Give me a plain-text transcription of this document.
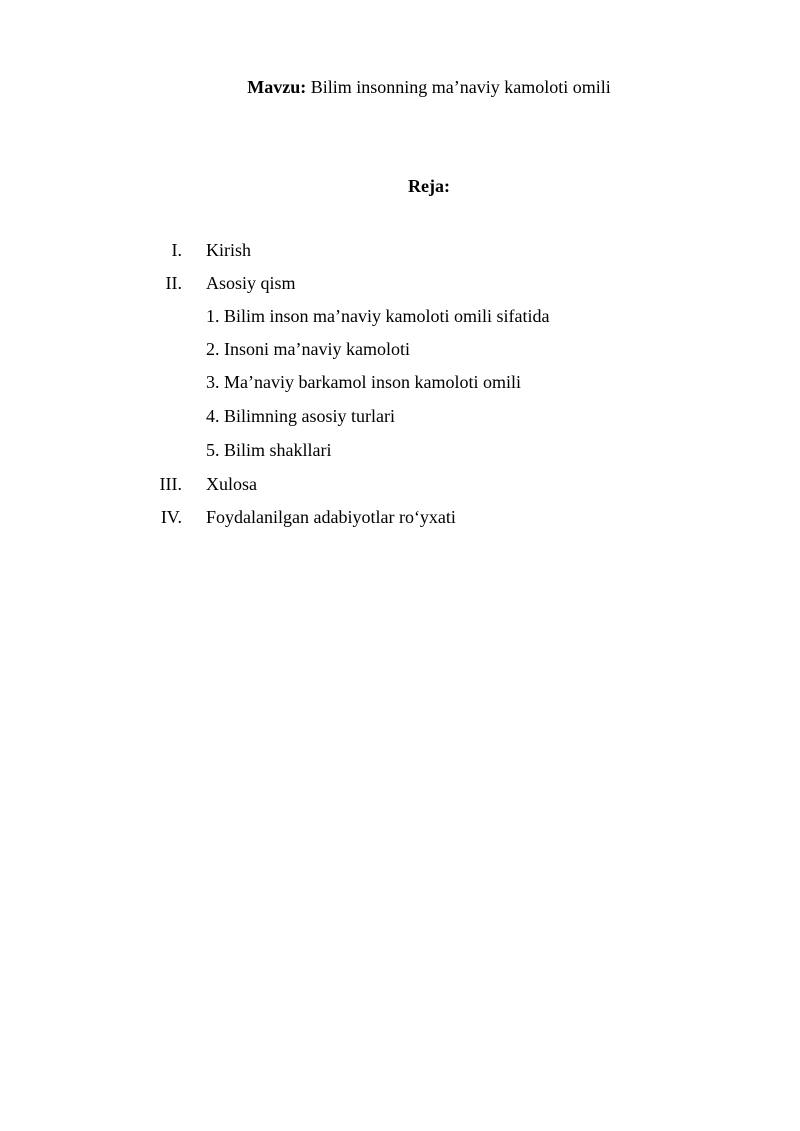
Mavzu: Bilim insonning ma’naviy kamoloti omili
Reja:
I. Kirish
II. Asosiy qism
1. Bilim inson ma’naviy kamoloti omili sifatida
2. Insoni ma’naviy kamoloti
3. Ma’naviy barkamol inson kamoloti omili
4. Bilimning asosiy turlari
5. Bilim shakllari
III. Xulosa
IV. Foydalanilgan adabiyotlar ro‘yxati
